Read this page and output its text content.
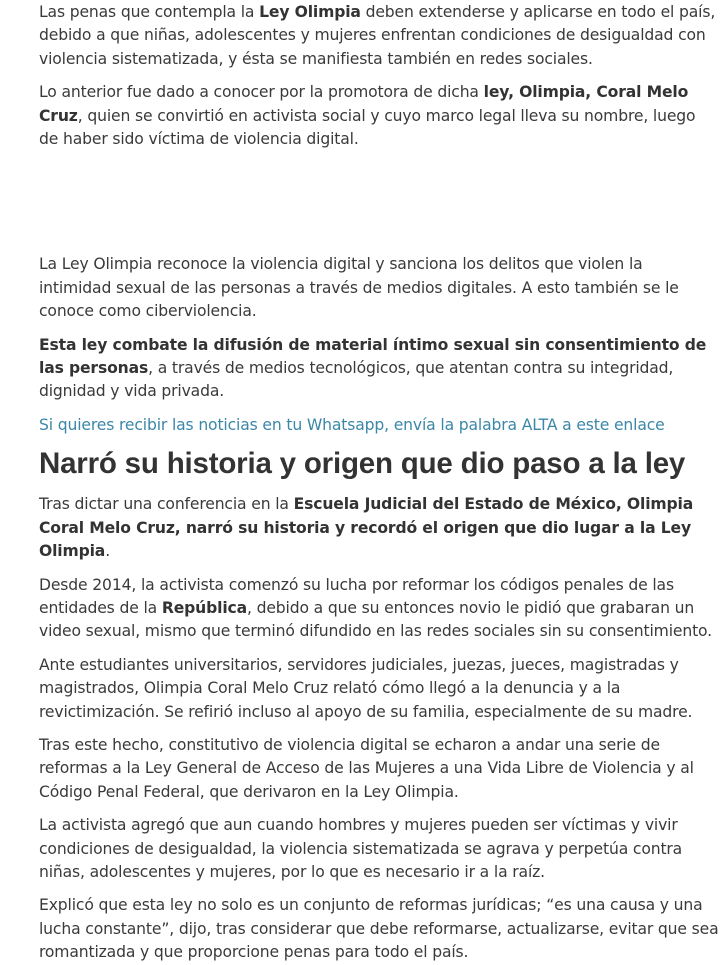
Las penas que contempla la Ley Olimpia deben extenderse y aplicarse en todo el país, debido a que niñas, adolescentes y mujeres enfrentan condiciones de desigualdad con violencia sistematizada, y ésta se manifiesta también en redes sociales.

Lo anterior fue dado a conocer por la promotora de dicha ley, Olimpia, Coral Melo Cruz, quien se convirtió en activista social y cuyo marco legal lleva su nombre, luego de haber sido víctima de violencia digital.

La Ley Olimpia reconoce la violencia digital y sanciona los delitos que violen la intimidad sexual de las personas a través de medios digitales. A esto también se le conoce como ciberviolencia.

Esta ley combate la difusión de material íntimo sexual sin consentimiento de las personas, a través de medios tecnológicos, que atentan contra su integridad, dignidad y vida privada.

Si quieres recibir las noticias en tu Whatsapp, envía la palabra ALTA a este enlace

Narró su historia y origen que dio paso a la ley

Tras dictar una conferencia en la Escuela Judicial del Estado de México, Olimpia Coral Melo Cruz, narró su historia y recordó el origen que dio lugar a la Ley Olimpia.

Desde 2014, la activista comenzó su lucha por reformar los códigos penales de las entidades de la República, debido a que su entonces novio le pidió que grabaran un video sexual, mismo que terminó difundido en las redes sociales sin su consentimiento.

Ante estudiantes universitarios, servidores judiciales, juezas, jueces, magistradas y magistrados, Olimpia Coral Melo Cruz relató cómo llegó a la denuncia y a la revictimización. Se refirió incluso al apoyo de su familia, especialmente de su madre.

Tras este hecho, constitutivo de violencia digital se echaron a andar una serie de reformas a la Ley General de Acceso de las Mujeres a una Vida Libre de Violencia y al Código Penal Federal, que derivaron en la Ley Olimpia.

La activista agregó que aun cuando hombres y mujeres pueden ser víctimas y vivir condiciones de desigualdad, la violencia sistematizada se agrava y perpetúa contra niñas, adolescentes y mujeres, por lo que es necesario ir a la raíz.

Explicó que esta ley no solo es un conjunto de reformas jurídicas; “es una causa y una lucha constante”, dijo, tras considerar que debe reformarse, actualizarse, evitar que sea romantizada y que proporcione penas para todo el país.
